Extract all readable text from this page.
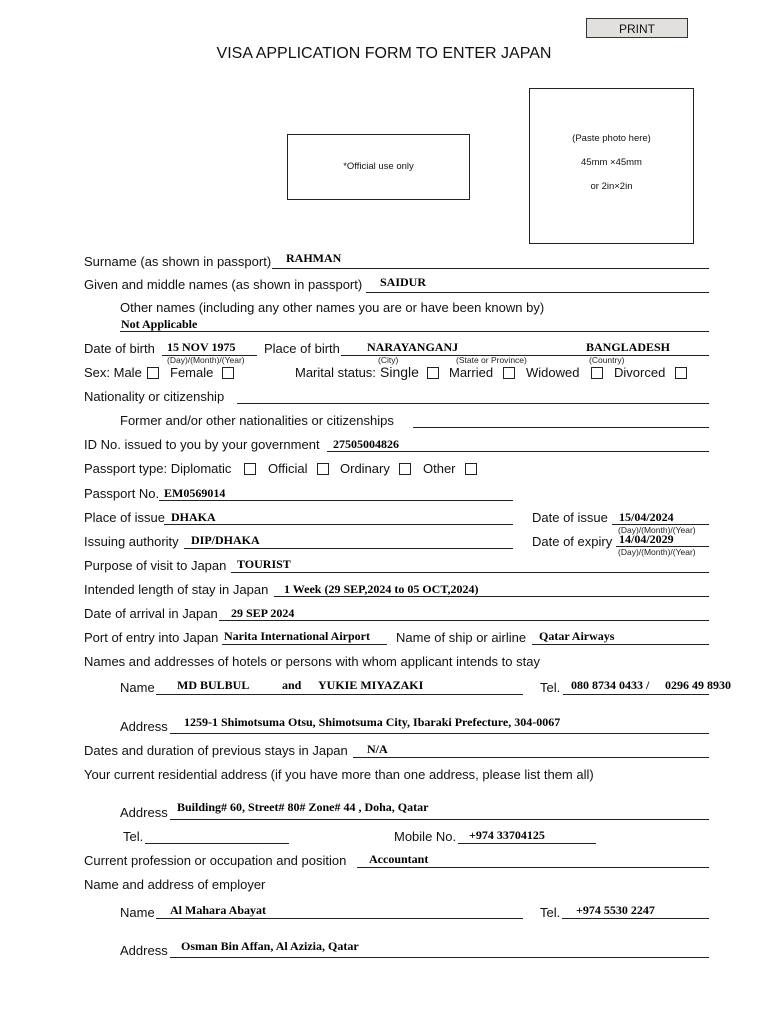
PRINT
VISA APPLICATION FORM TO ENTER JAPAN
*Official use only
(Paste photo here)
45mm ×45mm
or 2in×2in
Surname (as shown in passport) RAHMAN
Given and middle names (as shown in passport) SAIDUR
Other names (including any other names you are or have been known by)
Not Applicable
Date of birth 15 NOV 1975
(Day)/(Month)/(Year)
Place of birth NARAYANGANJ	BANGLADESH
(City)	(State or Province)	(Country)
Sex: Male Female	Marital status: Single Married	Widowed	Divorced
Nationality or citizenship
Former and/or other nationalities or citizenships
ID No. issued to you by your government 27505004826
Passport type: Diplomatic	Official	Ordinary	Other
Passport No. EM0569014
Place of issue DHAKA	Date of issue 15/04/2024
(Day)/(Month)/(Year)
Issuing authority DIP/DHAKA	Date of expiry 14/04/2029
(Day)/(Month)/(Year)
Purpose of visit to Japan TOURIST
Intended length of stay in Japan 1 Week (29 SEP,2024 to 05 OCT,2024)
Date of arrival in Japan 29 SEP 2024
Port of entry into Japan Narita International Airport Name of ship or airline Qatar Airways
Names and addresses of hotels or persons with whom applicant intends to stay
Name MD BULBUL	and YUKIE MIYAZAKI	Tel. 080 8734 0433 / 0296 49 8930
Address 1259-1 Shimotsuma Otsu, Shimotsuma City, Ibaraki Prefecture, 304-0067
Dates and duration of previous stays in Japan N/A
Your current residential address (if you have more than one address, please list them all)
Address Building# 60, Street# 80# Zone# 44 , Doha, Qatar
Tel.	Mobile No. +974 33704125
Current profession or occupation and position Accountant
Name and address of employer
Name Al Mahara Abayat	Tel. +974 5530 2247
Address Osman Bin Affan, Al Azizia, Qatar
